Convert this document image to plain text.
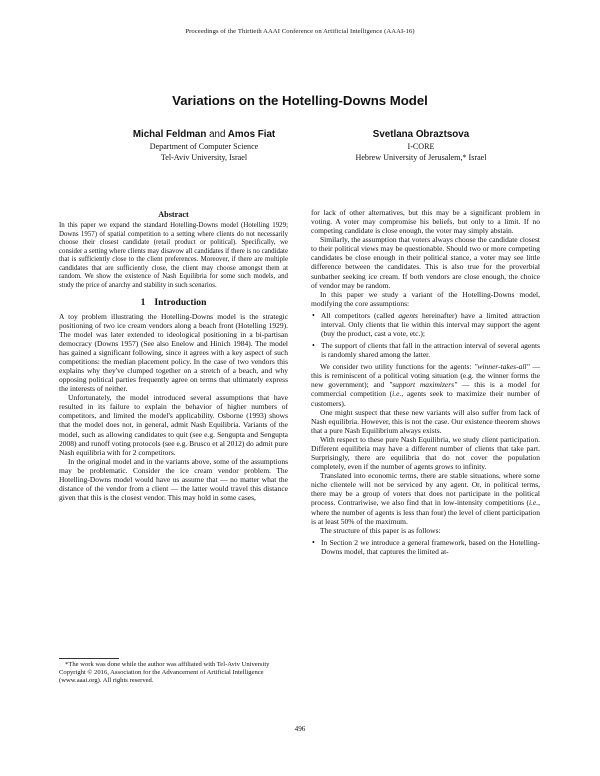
Proceedings of the Thirtieth AAAI Conference on Artificial Intelligence (AAAI-16)
Variations on the Hotelling-Downs Model
Michal Feldman and Amos Fiat
Department of Computer Science
Tel-Aviv University, Israel
Svetlana Obraztsova
I-CORE
Hebrew University of Jerusalem,* Israel
Abstract

In this paper we expand the standard Hotelling-Downs model (Hotelling 1929; Downs 1957) of spatial competition to a setting where clients do not necessarily choose their closest candidate (retail product or political). Specifically, we consider a setting where clients may disavow all candidates if there is no candidate that is sufficiently close to the client preferences. Moreover, if there are multiple candidates that are sufficiently close, the client may choose amongst them at random. We show the existence of Nash Equilibria for some such models, and study the price of anarchy and stability in such scenarios.

1 Introduction

A toy problem illustrating the Hotelling-Downs model is the strategic positioning of two ice cream vendors along a beach front (Hotelling 1929). The model was later extended to ideological positioning in a bi-partisan democracy (Downs 1957) (See also Enelow and Hinich 1984). The model has gained a significant following, since it agrees with a key aspect of such competitions: the median placement policy. In the case of two vendors this explains why they've clumped together on a stretch of a beach, and why opposing political parties frequently agree on terms that ultimately express the interests of neither.

Unfortunately, the model introduced several assumptions that have resulted in its failure to explain the behavior of higher numbers of competitors, and limited the model's applicability. Osborne (1993) shows that the model does not, in general, admit Nash Equilibria. Variants of the model, such as allowing candidates to quit (see e.g. Sengupta and Sengupta 2008) and runoff voting protocols (see e.g. Brusco et al 2012) do admit pure Nash equilibria with for 2 competitors.

In the original model and in the variants above, some of the assumptions may be problematic. Consider the ice cream vendor problem. The Hotelling-Downs model would have us assume that — no matter what the distance of the vendor from a client — the latter would travel this distance given that this is the closest vendor. This may hold in some cases,

*The work was done while the author was affiliated with Tel-Aviv University

Copyright © 2016, Association for the Advancement of Artificial Intelligence (www.aaai.org). All rights reserved.

for lack of other alternatives, but this may be a significant problem in voting. A voter may compromise his beliefs, but only to a limit. If no competing candidate is close enough, the voter may simply abstain.

Similarly, the assumption that voters always choose the candidate closest to their political views may be questionable. Should two or more competing candidates be close enough in their political stance, a voter may see little difference between the candidates. This is also true for the proverbial sunbather seeking ice cream. If both vendors are close enough, the choice of vendor may be random.

In this paper we study a variant of the Hotelling-Downs model, modifying the core assumptions:

• All competitors (called agents hereinafter) have a limited attraction interval. Only clients that lie within this interval may support the agent (buy the product, cast a vote, etc.);
• The support of clients that fall in the attraction interval of several agents is randomly shared among the latter.

We consider two utility functions for the agents: "winner-takes-all" — this is reminiscent of a political voting situation (e.g. the winner forms the new government); and "support maximizers" — this is a model for commercial competition (i.e., agents seek to maximize their number of customers).

One might suspect that these new variants will also suffer from lack of Nash equilibria. However, this is not the case. Our existence theorem shows that a pure Nash Equilibrium always exists.

With respect to these pure Nash Equilibria, we study client participation. Different equilibria may have a different number of clients that take part. Surprisingly, there are equilibria that do not cover the population completely, even if the number of agents grows to infinity.

Translated into economic terms, there are stable situations, where some niche clientele will not be serviced by any agent. Or, in political terms, there may be a group of voters that does not participate in the political process. Contrariwise, we also find that in low-intensity competitions (i.e., where the number of agents is less than four) the level of client participation is at least 50% of the maximum.

The structure of this paper is as follows:

• In Section 2 we introduce a general framework, based on the Hotelling-Downs model, that captures the limited at-
496
